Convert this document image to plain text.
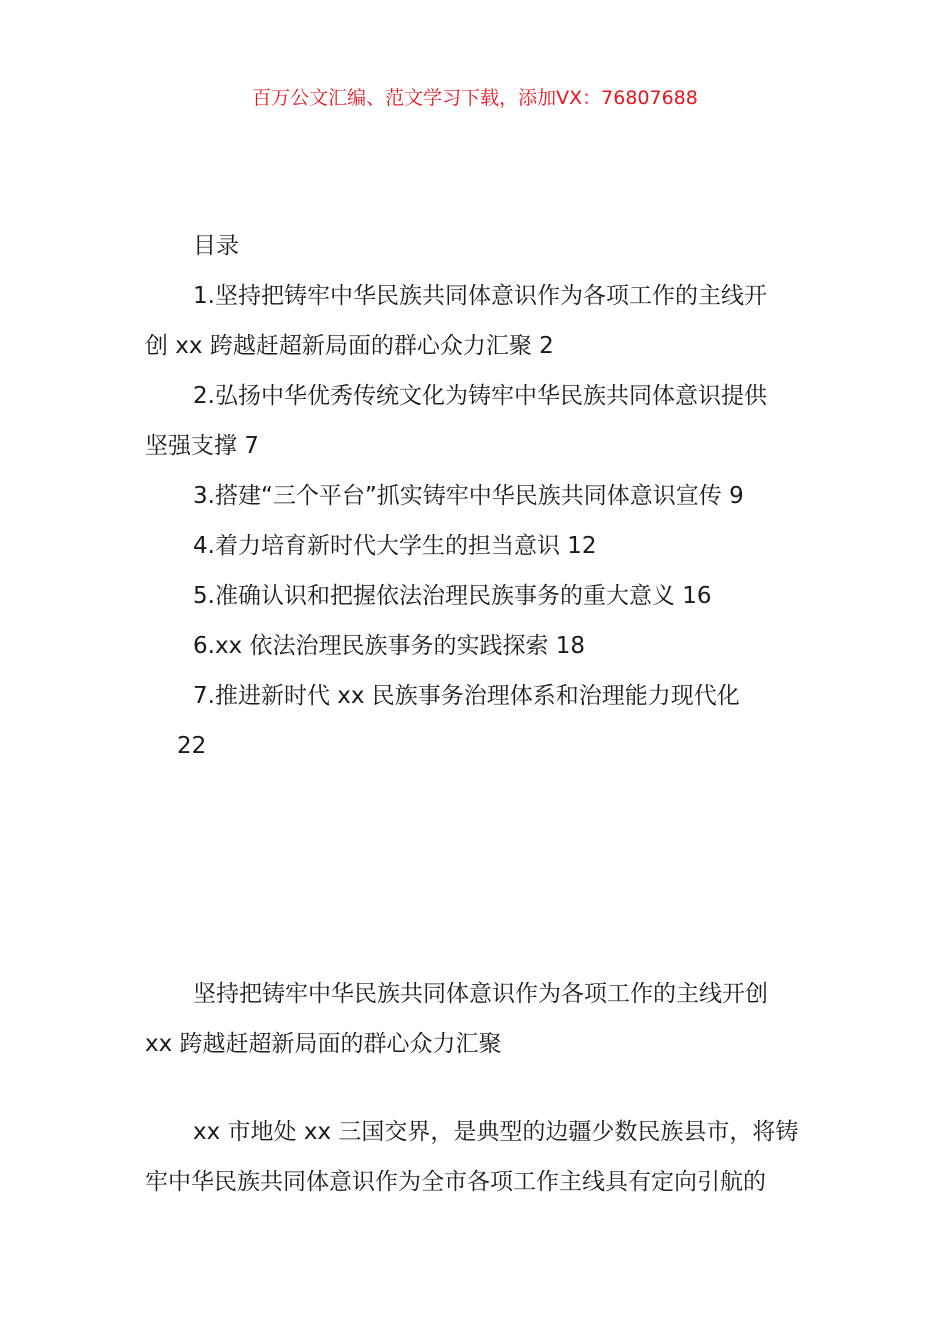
百万公文汇编、范文学习下载，添加VX：76807688
目录
1.坚持把铸牢中华民族共同体意识作为各项工作的主线开
创 xx 跨越赶超新局面的群心众力汇聚 2
2.弘扬中华优秀传统文化为铸牢中华民族共同体意识提供
坚强支撑 7
3.搭建“三个平台”抓实铸牢中华民族共同体意识宣传 9
4.着力培育新时代大学生的担当意识 12
5.准确认识和把握依法治理民族事务的重大意义 16
6.xx 依法治理民族事务的实践探索 18
7.推进新时代 xx 民族事务治理体系和治理能力现代化
22
坚持把铸牢中华民族共同体意识作为各项工作的主线开创
xx 跨越赶超新局面的群心众力汇聚
xx 市地处 xx 三国交界，是典型的边疆少数民族县市，将铸
牢中华民族共同体意识作为全市各项工作主线具有定向引航的
